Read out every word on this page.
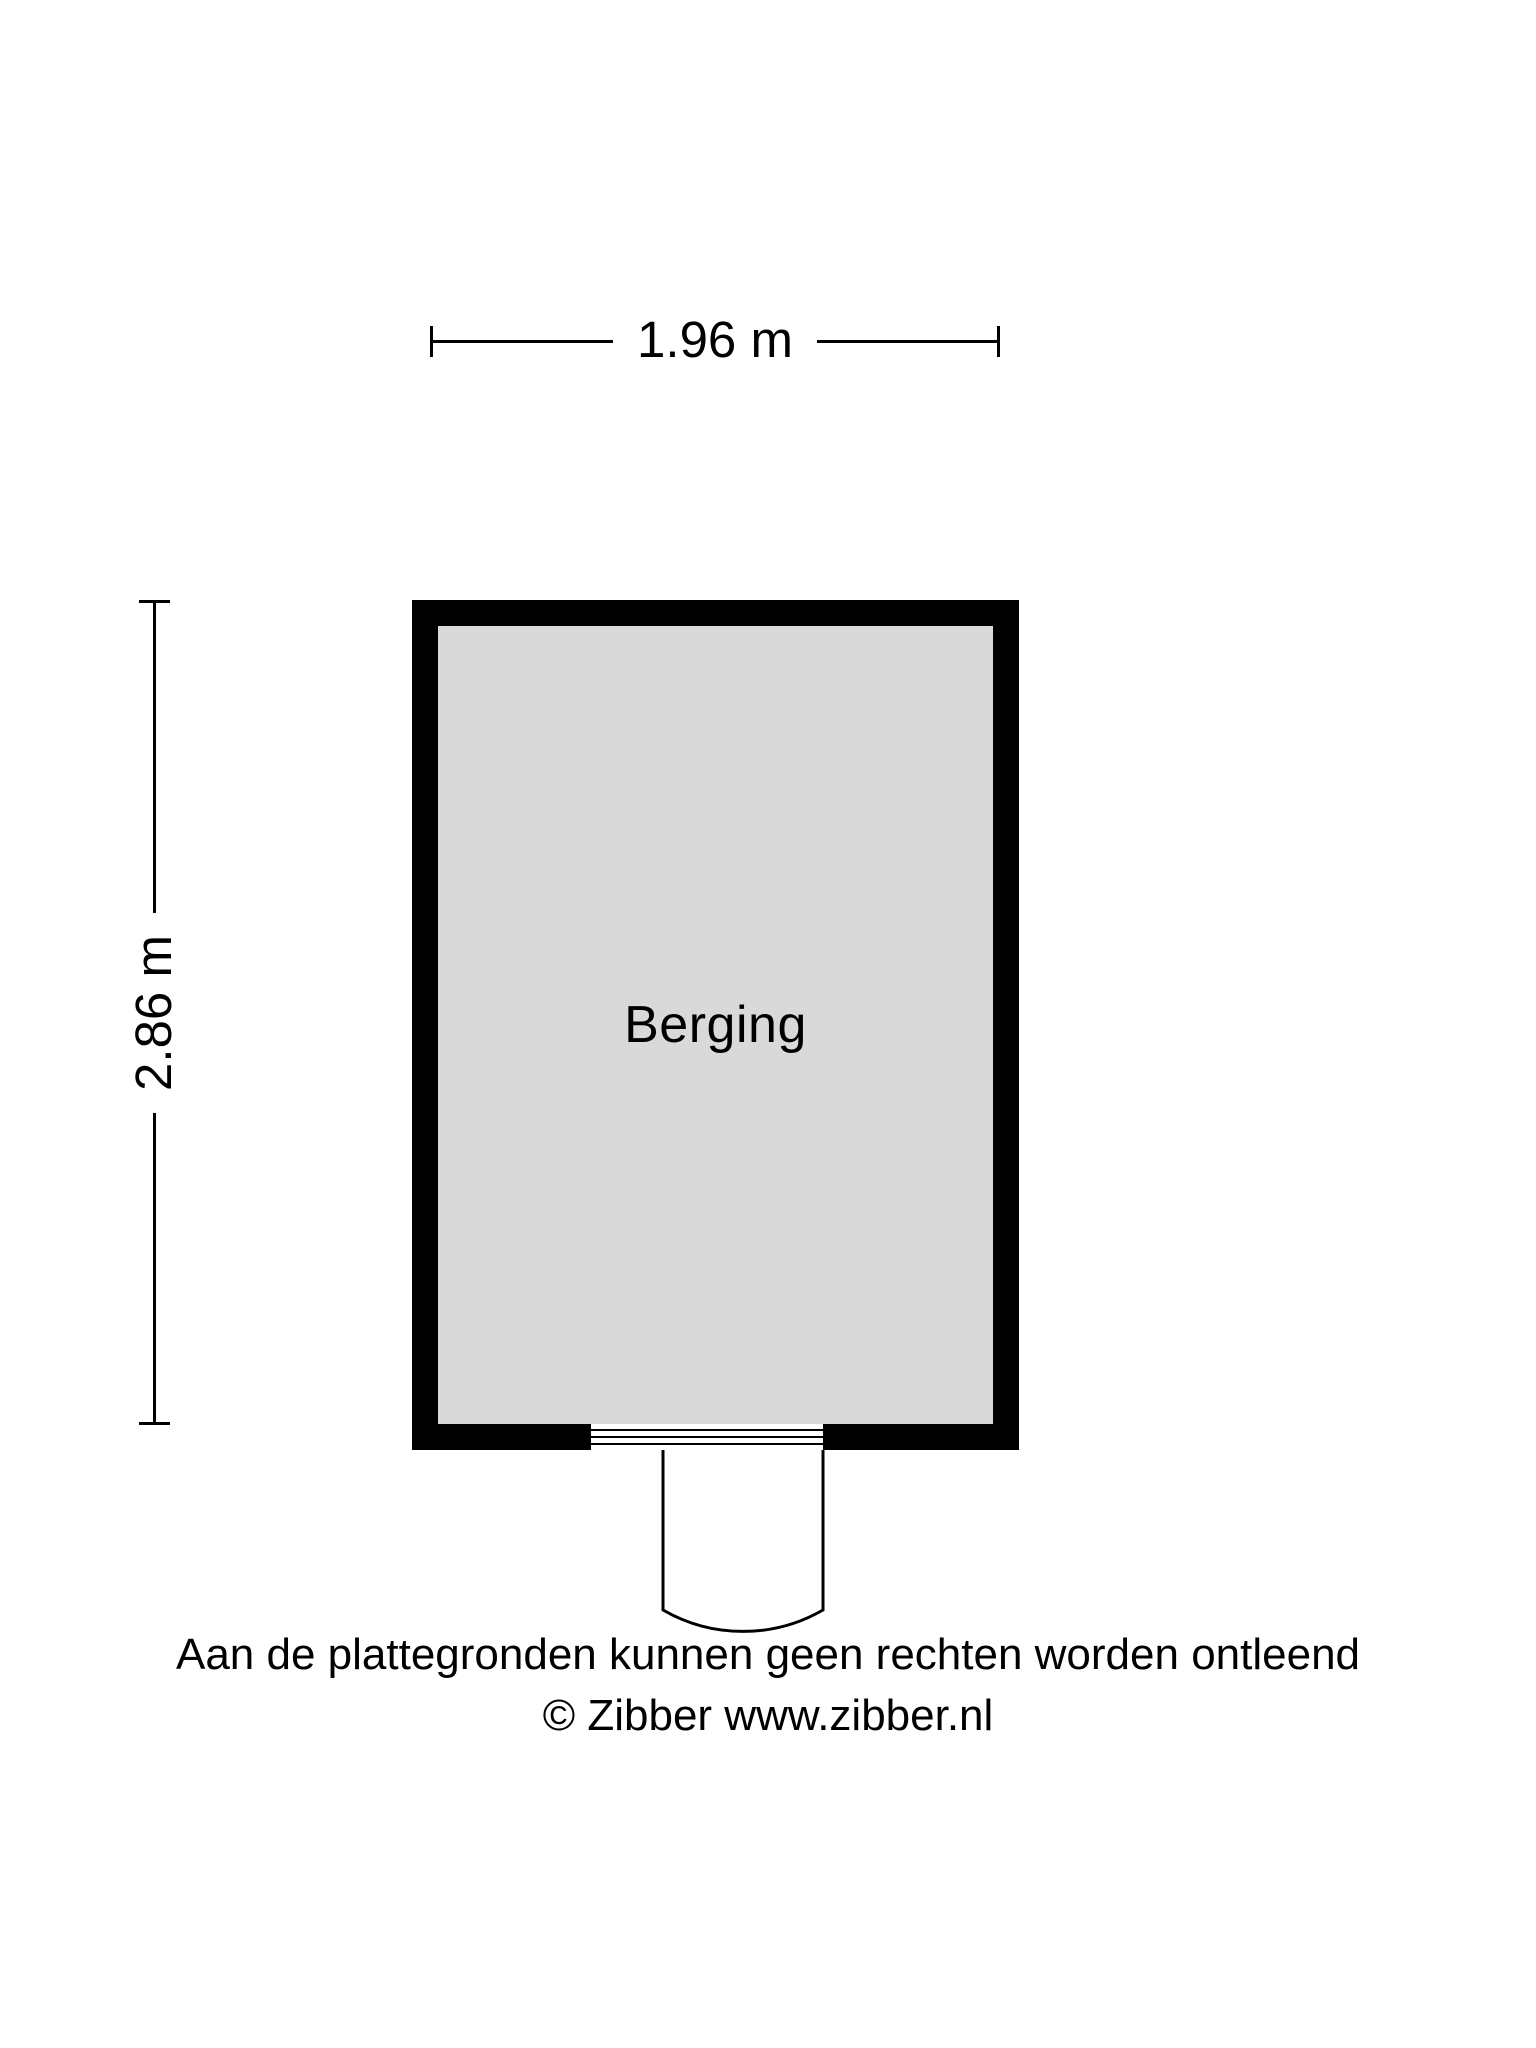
1.96 m
2.86 m	Berging
Aan de plattegronden kunnen geen rechten worden ontleend
© Zibber www.zibber.nl
